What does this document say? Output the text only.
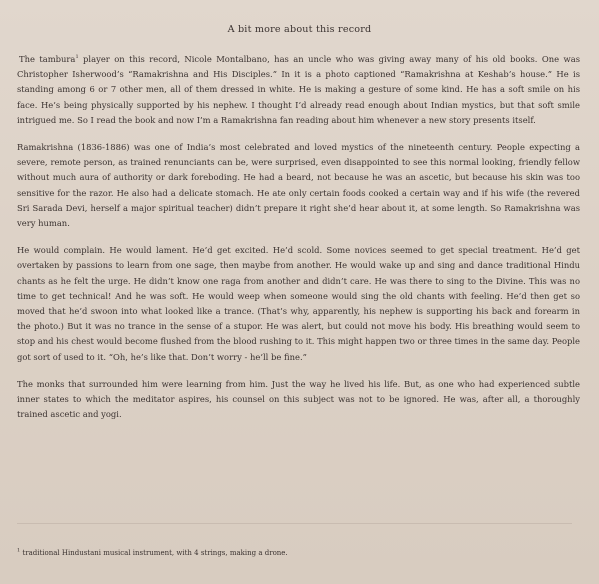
A bit more about this record

The tambura$^1$ player on this record, Nicole Montalbano, has an uncle who was giving away many of his old books. One was Christopher Isherwood’s “Ramakrishna and His Disciples.” In it is a photo captioned “Ramakrishna at Keshab’s house.” He is standing among 6 or 7 other men, all of them dressed in white. He is making a gesture of some kind. He has a soft smile on his face. He’s being physically supported by his nephew. I thought I’d already read enough about Indian mystics, but that soft smile intrigued me. So I read the book and now I’m a Ramakrishna fan reading about him whenever a new story presents itself.

Ramakrishna (1836-1886) was one of India’s most celebrated and loved mystics of the nineteenth century. People expecting a severe, remote person, as trained renunciants can be, were surprised, even disappointed to see this normal looking, friendly fellow without much aura of authority or dark foreboding. He had a beard, not because he was an ascetic, but because his skin was too sensitive for the razor. He also had a delicate stomach. He ate only certain foods cooked a certain way and if his wife (the revered Sri Sarada Devi, herself a major spiritual teacher) didn’t prepare it right she’d hear about it, at some length. So Ramakrishna was very human.

He would complain. He would lament. He’d get excited. He’d scold. Some novices seemed to get special treatment. He’d get overtaken by passions to learn from one sage, then maybe from another. He would wake up and sing and dance traditional Hindu chants as he felt the urge. He didn’t know one raga from another and didn’t care. He was there to sing to the Divine. This was no time to get technical! And he was soft. He would weep when someone would sing the old chants with feeling. He’d then get so moved that he’d swoon into what looked like a trance. (That’s why, apparently, his nephew is supporting his back and forearm in the photo.) But it was no trance in the sense of a stupor. He was alert, but could not move his body. His breathing would seem to stop and his chest would become flushed from the blood rushing to it. This might happen two or three times in the same day. People got sort of used to it. “Oh, he’s like that. Don’t worry - he’ll be fine.”

The monks that surrounded him were learning from him. Just the way he lived his life. But, as one who had experienced subtle inner states to which the meditator aspires, his counsel on this subject was not to be ignored. He was, after all, a thoroughly trained ascetic and yogi.

$^1$ traditional Hindustani musical instrument, with 4 strings, making a drone.
